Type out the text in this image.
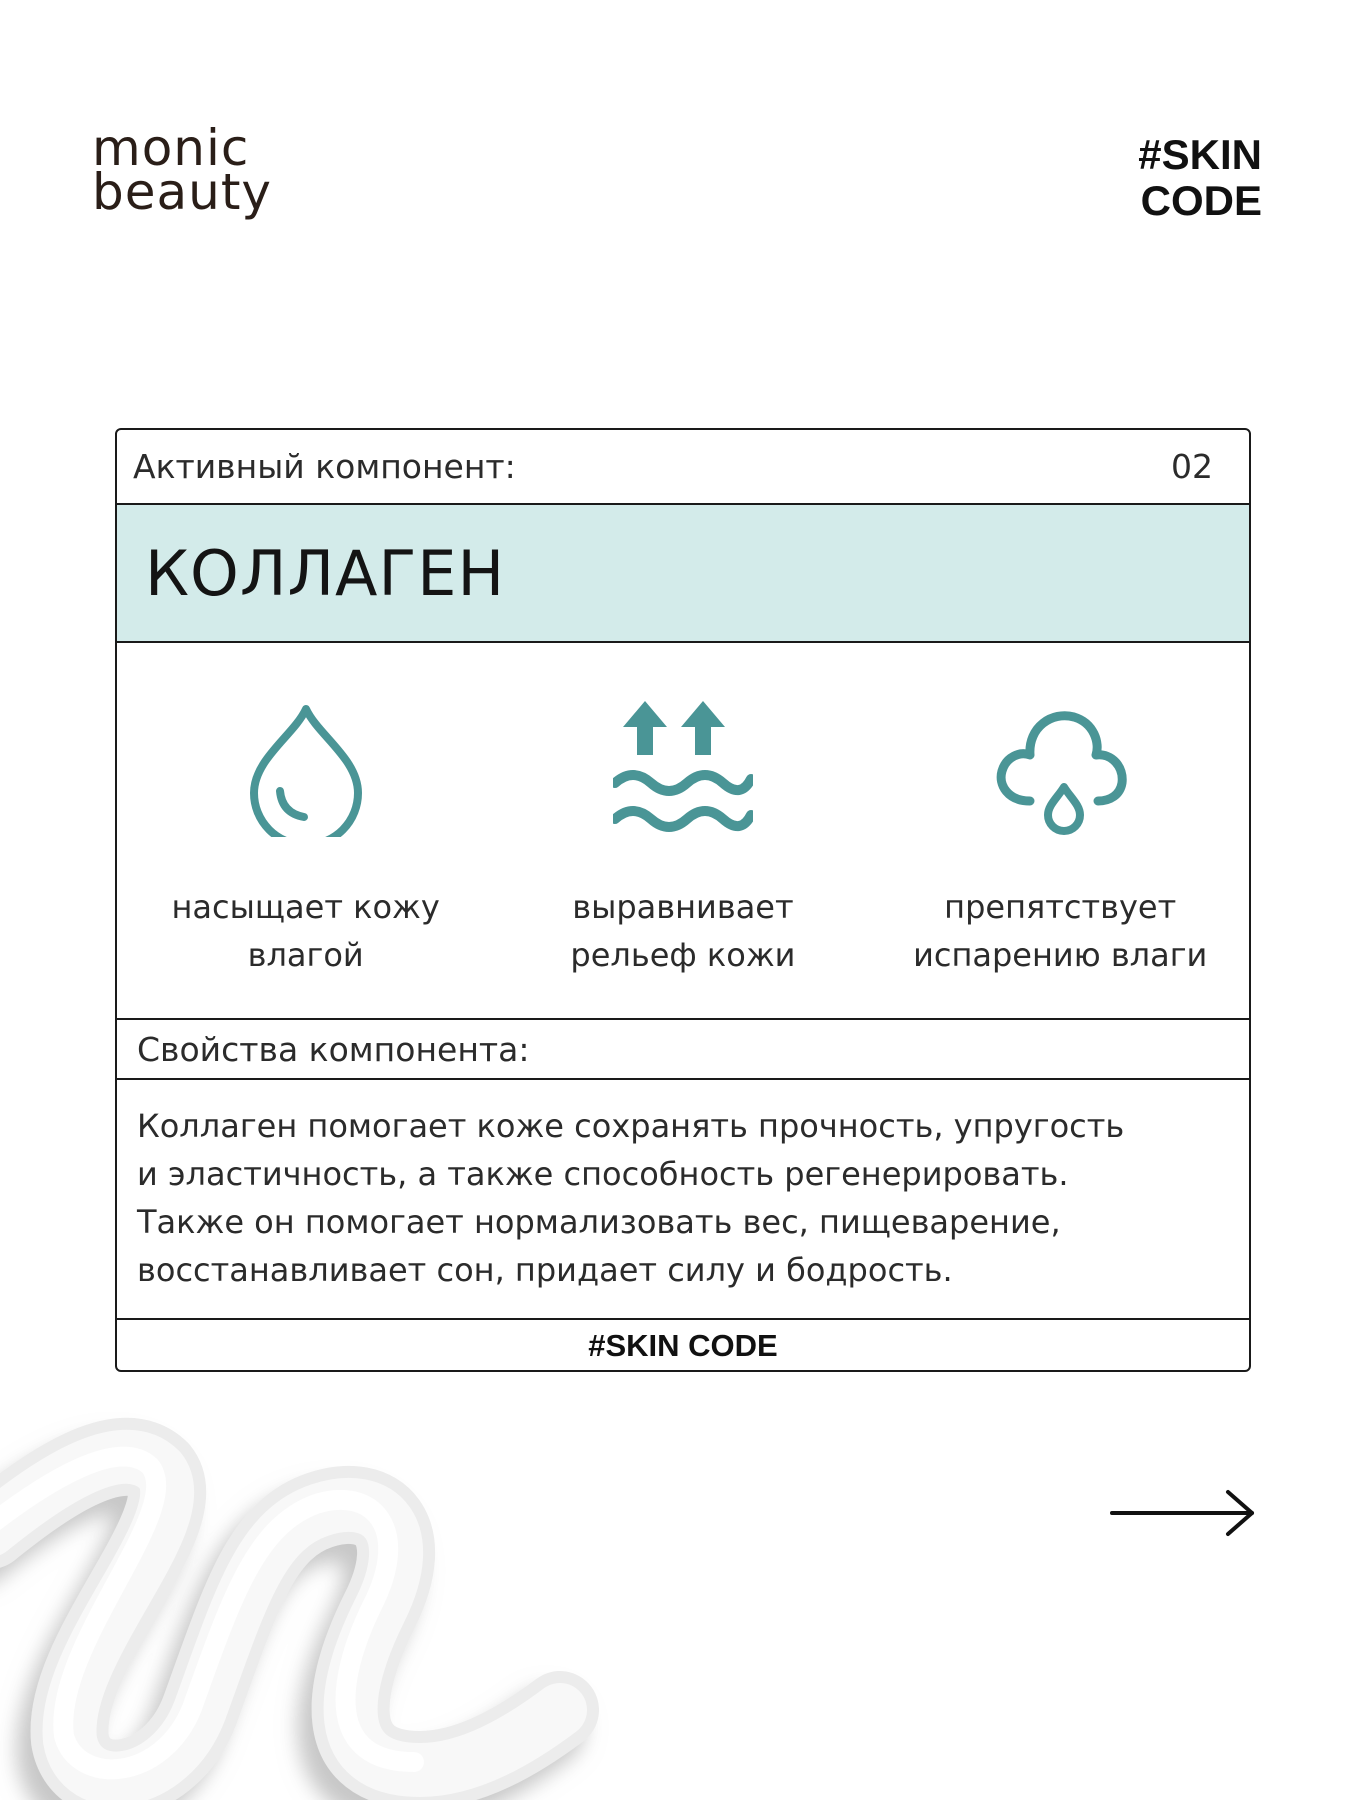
monic
beauty
#SKIN
CODE
Активный компонент:	02
КОЛЛАГЕН
насыщает кожу
влагой
выравнивает
рельеф кожи
препятствует
испарению влаги
Свойства компонента:
Коллаген помогает коже сохранять прочность, упругость
и эластичность, а также способность регенерировать.
Также он помогает нормализовать вес, пищеварение,
восстанавливает сон, придает силу и бодрость.
#SKIN CODE
